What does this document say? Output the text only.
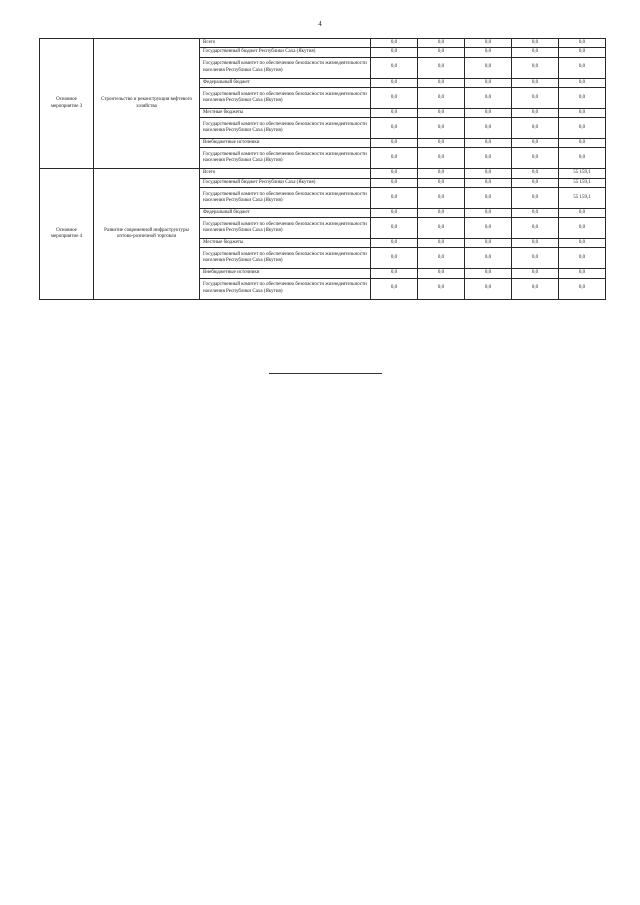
4
Основное мероприятие 3	Строительство и реконструкция вефтевого хозяйства	Всего	0,0	0,0	0,0	0,0	0,0
		Государственный бюджет Республики Саха (Якутия)	0,0	0,0	0,0	0,0	0,0
		Государственный комитет по обеспечению безопасности жизнедеятельности населения Республики Саха (Якутия)	0,0	0,0	0,0	0,0	0,0
		Федеральный бюджет	0,0	0,0	0,0	0,0	0,0
		Государственный комитет по обеспечению безопасности жизнедеятельности населения Республики Саха (Якутия)	0,0	0,0	0,0	0,0	0,0
		Местные бюджеты	0,0	0,0	0,0	0,0	0,0
		Государственный комитет по обеспечению безопасности жизнедеятельности населения Республики Саха (Якутия)	0,0	0,0	0,0	0,0	0,0
		Внебюджетные источники	0,0	0,0	0,0	0,0	0,0
		Государственный комитет по обеспечению безопасности жизнедеятельности населения Республики Саха (Якутия)	0,0	0,0	0,0	0,0	0,0
Основное мероприятие 4	Развитие современной инфраструктуры оптово-розничной торговли	Всего	0,0	0,0	0,0	0,0	55 159,1
		Государственный бюджет Республики Саха (Якутия)	0,0	0,0	0,0	0,0	55 159,1
		Государственный комитет по обеспечению безопасности жизнедеятельности населения Республики Саха (Якутия)	0,0	0,0	0,0	0,0	55 159,1
		Федеральный бюджет	0,0	0,0	0,0	0,0	0,0
		Государственный комитет по обеспечению безопасности жизнедеятельности населения Республики Саха (Якутия)	0,0	0,0	0,0	0,0	0,0
		Местные бюджеты	0,0	0,0	0,0	0,0	0,0
		Государственный комитет по обеспечению безопасности жизнедеятельности населения Республики Саха (Якутия)	0,0	0,0	0,0	0,0	0,0
		Внебюджетные источники	0,0	0,0	0,0	0,0	0,0
		Государственный комитет по обеспечению безопасности жизнедеятельности населения Республики Саха (Якутия)	0,0	0,0	0,0	0,0	0,0
